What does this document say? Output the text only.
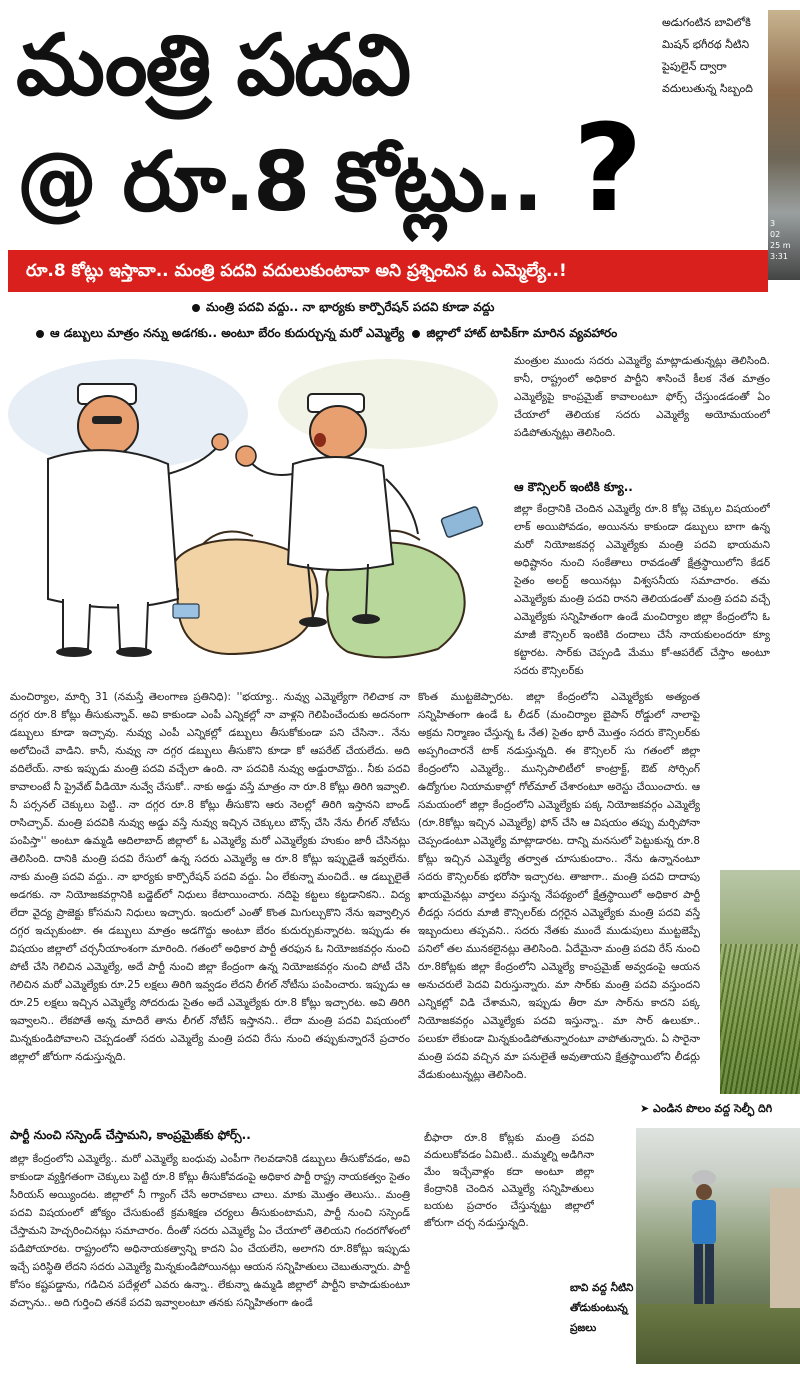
మంత్రి పదవి
@ రూ.8 కోట్లు.. ?
అడుగంటిన బావిలోకి మిషన్ భగీరథ నీటిని పైపులైన్ ద్వారా వదులుతున్న సిబ్బంది
3
02
25 m
3:31
రూ.8 కోట్లు ఇస్తావా.. మంత్రి పదవి వదులుకుంటావా అని ప్రశ్నించిన ఓ ఎమ్మెల్యే..!
మంత్రి పదవి వద్దు.. నా భార్యకు కార్పొరేషన్ పదవి కూడా వద్దు
ఆ డబ్బులు మాత్రం నన్ను అడగకు.. అంటూ బేరం కుదుర్చున్న మరో ఎమ్మెల్యే జిల్లాలో హాట్ టాపిక్‌గా మారిన వ్యవహారం
మంత్రుల ముందు సదరు ఎమ్మెల్యే మాట్లాడుతున్నట్లు తెలిసింది. కానీ, రాష్ట్రంలో అధికార పార్టీని శాసించే కీలక నేత మాత్రం ఎమ్మెల్యేపై కాంప్రమైజ్ కావాలంటూ ఫోర్స్ చేస్తుండడంతో ఏం చేయాలో తెలియక సదరు ఎమ్మెల్యే అయోమయంలో పడిపోతున్నట్లు తెలిసింది.
ఆ కౌన్సిలర్ ఇంటికి క్యూ..
జిల్లా కేంద్రానికి చెందిన ఎమ్మెల్యే రూ.8 కోట్ల చెక్కుల విషయంలో లాక్ అయిపోవడం, అయినను కాకుండా డబ్బులు బాగా ఉన్న మరో నియోజకవర్గ ఎమ్మెల్యేకు మంత్రి పదవి భాయమని అధిష్టానం నుంచి సంకేతాలు రావడంతో క్షేత్రస్థాయిలోని కేడర్ సైతం అలర్ట్ అయినట్లు విశ్వసనీయ సమాచారం. తమ ఎమ్మెల్యేకు మంత్రి పదవి రానని తెలియడంతో మంత్రి పదవి వచ్చే ఎమ్మెల్యేకు సన్నిహితంగా ఉండే మంచిర్యాల జిల్లా కేంద్రంలోని ఓ మాజీ కౌన్సిలర్ ఇంటికి దందాలు చేసే నాయకులందరూ క్యూ కట్టారట. సార్‌కు చెప్పండి మేము కో-ఆపరేట్ చేస్తాం అంటూ సదరు కౌన్సిలర్‌కు
మంచిర్యాల, మార్చి 31 (నమస్తే తెలంగాణ ప్రతినిధి): ''భయ్యా.. నువ్వు ఎమ్మెల్యేగా గెలిచాక నా దగ్గర రూ.8 కోట్లు తీసుకున్నావ్. అవి కాకుండా ఎంపీ ఎన్నికల్లో నా వాళ్లని గెలిపించేందుకు అదనంగా డబ్బులు కూడా ఇచ్చావు. నువ్వు ఎంపీ ఎన్నికల్లో డబ్బులు తీసుకోకుండా పని చేసినా.. నేను అలోచించే వాడిని. కానీ, నువ్వు నా దగ్గర డబ్బులు తీసుకొని కూడా కో ఆపరేట్ చేయలేదు. అది వదిలేయ్. నాకు ఇప్పుడు మంత్రి పదవి వచ్చేలా ఉంది. నా పదవికి నువ్వు అడ్డురావొద్దు.. నీకు పదవి కావాలంటే నీ ప్రైవేట్ వీడియో నువ్వే చేసుకో.. నాకు అడ్డు వస్తే మాత్రం నా రూ.8 కోట్లు తిరిగి ఇవ్వాలి. నీ పర్సనల్ చెక్కులు పెట్టి.. నా దగ్గర రూ.8 కోట్లు తీసుకొని ఆరు నెలల్లో తిరిగి ఇస్తానని బాండ్ రాసిచ్చావ్. మంత్రి పదవికి నువ్వు అడ్డు వస్తే నువ్వు ఇచ్చిన చెక్కులు బౌన్స్ చేసి నేను లీగల్ నోటీసు పంపిస్తా'' అంటూ ఉమ్మడి ఆదిలాబాద్ జిల్లాలో ఓ ఎమ్మెల్యే మరో ఎమ్మెల్యేకు హుకుం జారీ చేసినట్లు తెలిసింది. దానికి మంత్రి పదవి రేసులో ఉన్న సదరు ఎమ్మెల్యే ఆ రూ.8 కోట్లు ఇప్పుడైతే ఇవ్వలేను. నాకు మంత్రి పదవి వద్దు.. నా భార్యకు కార్పొరేషన్ పదవి వద్దు. ఏం లేకున్నా మంచిదే.. ఆ డబ్బులైతే అడగకు. నా నియోజకవర్గానికి బడ్జెట్‌లో నిధులు కేటాయించారు. నదిపై కట్టలు కట్టడానికని.. విద్య లేదా వైద్య ప్రాజెక్టు కోసమని నిధులు ఇచ్చారు. ఇందులో ఎంతో కొంత మిగుల్చుకొని నేను ఇవ్వాల్సిన దగ్గర ఇచ్చుకుంటా. ఈ డబ్బులు మాత్రం అడగొద్దు అంటూ బేరం కుదుర్చుకున్నారట. ఇప్పుడు ఈ విషయం జిల్లాలో చర్చనీయాంశంగా మారింది. గతంలో అధికార పార్టీ తరఫున ఓ నియోజకవర్గం నుంచి పోటీ చేసి గెలిచిన ఎమ్మెల్యే, అదే పార్టీ నుంచి జిల్లా కేంద్రంగా ఉన్న నియోజకవర్గం నుంచి పోటీ చేసి గెలిచిన మరో ఎమ్మెల్యేకు రూ.25 లక్షలు తిరిగి ఇవ్వడం లేదని లీగల్ నోటీసు పంపించారు. ఇప్పుడు ఆ రూ.25 లక్షలు ఇచ్చిన ఎమ్మెల్యే సోదరుడు సైతం అదే ఎమ్మెల్యేకు రూ.8 కోట్లు ఇచ్చారట. అవి తిరిగి ఇవ్వాలని.. లేకపోతే అన్న మాదిరే తాను లీగల్ నోటీస్ ఇస్తానని.. లేదా మంత్రి పదవి విషయంలో మిన్నకుండిపోవాలని చెప్పడంతో సదరు ఎమ్మెల్యే మంత్రి పదవి రేసు నుంచి తప్పుకున్నారనే ప్రచారం జిల్లాలో జోరుగా నడుస్తున్నది.
పార్టీ నుంచి సస్పెండ్ చేస్తామని, కాంప్రమైజ్‌కు ఫోర్స్..
జిల్లా కేంద్రంలోని ఎమ్మెల్యే.. మరో ఎమ్మెల్యే బంధువు ఎంపీగా గెలవడానికి డబ్బులు తీసుకోవడం, అవి కాకుండా వ్యక్తిగతంగా చెక్కులు పెట్టి రూ.8 కోట్లు తీసుకోవడంపై అధికార పార్టీ రాష్ట్ర నాయకత్వం సైతం సీరియస్ అయ్యిందట. జిల్లాలో నీ గ్యాంగ్ చేసే అరాచకాలు చాలు. మాకు మొత్తం తెలుసు.. మంత్రి పదవి విషయంలో జోక్యం చేసుకుంటే క్రమశిక్షణ చర్యలు తీసుకుంటామని, పార్టీ నుంచి సస్పెండ్ చేస్తామని హెచ్చరించినట్లు సమాచారం. దీంతో సదరు ఎమ్మెల్యే ఏం చేయాలో తెలియని గందరగోళంలో పడిపోయారట. రాష్ట్రంలోని అధినాయకత్వాన్ని కాదని ఏం చేయలేని, అలాగని రూ.8కోట్లు ఇప్పుడు ఇచ్చే పరిస్థితి లేదని సదరు ఎమ్మెల్యే మిన్నకుండిపోయినట్లు ఆయన సన్నిహితులు చెబుతున్నారు. పార్టీ కోసం కష్టపడ్డాను, గడిచిన పదేళ్లలో ఎవరు ఉన్నా.. లేకున్నా ఉమ్మడి జిల్లాలో పార్టీని కాపాడుకుంటూ వచ్చాను.. అది గుర్తించి తనకే పదవి ఇవ్వాలంటూ తనకు సన్నిహితంగా ఉండే
కొంత ముట్టజెప్పారట. జిల్లా కేంద్రంలోని ఎమ్మెల్యేకు అత్యంత సన్నిహితంగా ఉండే ఓ లీడర్ (మంచిర్యాల బైపాస్ రోడ్డులో నాలాపై అక్రమ నిర్మాణం చేస్తున్న ఓ నేత) సైతం భారీ మొత్తం సదరు కౌన్సిలర్‌కు అప్పగించారనే టాక్ నడుస్తున్నది. ఈ కౌన్సిలర్ సు గతంలో జిల్లా కేంద్రంలోని ఎమ్మెల్యే.. మున్సిపాలిటీలో కాంట్రాక్ట్, ఔట్ సోర్సింగ్ ఉద్యోగుల నియామకాల్లో గోల్‌మాల్ చేశారంటూ అరెస్టు చేయించారు. ఆ సమయంలో జిల్లా కేంద్రంలోని ఎమ్మెల్యేకు పక్క నియోజకవర్గం ఎమ్మెల్యే (రూ.8కోట్లు ఇచ్చిన ఎమ్మెల్యే) ఫోన్ చేసి ఆ విషయం తప్పు మర్చిపోనా చెప్పండంటూ ఎమ్మెల్యే మాట్లాడారట. దాన్ని మనసులో పెట్టుకున్న రూ.8 కోట్లు ఇచ్చిన ఎమ్మెల్యే తర్వాత చూసుకుందాం.. నేను ఉన్నానంటూ సదరు కౌన్సిలర్‌కు భరోసా ఇచ్చారట. తాజాగా.. మంత్రి పదవి దాదాపు ఖాయమైనట్లు వార్తలు వస్తున్న నేపథ్యంలో క్షేత్రస్థాయిలో అధికార పార్టీ లీడర్లు సదరు మాజీ కౌన్సిలర్‌కు దగ్గరైన ఎమ్మెల్యేకు మంత్రి పదవి వస్తే ఇబ్బందులు తప్పవని.. సదరు నేతకు ముందే ముడుపులు ముట్టజెప్పే పనిలో తల మునకలైనట్లు తెలిసింది. ఏదేమైనా మంత్రి పదవి రేస్ నుంచి రూ.8కోట్లకు జిల్లా కేంద్రంలోని ఎమ్మెల్యే కాంప్రమైజ్ అవ్వడంపై ఆయన అనుచరులే పెదవి విరుస్తున్నారు. మా సార్‌కు మంత్రి పదవి వస్తుందని ఎన్నికల్లో విడి చేశామని, ఇప్పుడు తీరా మా సార్‌ను కాదని పక్క నియోజకవర్గం ఎమ్మెల్యేకు పదవి ఇస్తున్నా.. మా సార్ ఉలుకూ.. పలుకూ లేకుండా మిన్నకుండిపోతున్నారంటూ వాపోతున్నారు. ఏ సారైనా మంత్రి పదవి వచ్చిన మా పనులైతే అవుతాయని క్షేత్రస్థాయిలోని లీడర్లు వేడుకుంటున్నట్లు తెలిసింది.
బీఫారా రూ.8 కోట్లకు మంత్రి పదవి వదులుకోవడం ఏమిటి.. మమ్మల్ని అడిగినా మేం ఇచ్చేవాళ్లం కదా అంటూ జిల్లా కేంద్రానికి చెందిన ఎమ్మెల్యే సన్నిహితులు బయట ప్రచారం చేస్తున్నట్టు జిల్లాలో జోరుగా చర్చ నడుస్తున్నది.
➤ ఎండిన పొలం వద్ద సెల్ఫీ దిగి
బావి వద్ద నీటిని తోడుకుంటున్న ప్రజలు
